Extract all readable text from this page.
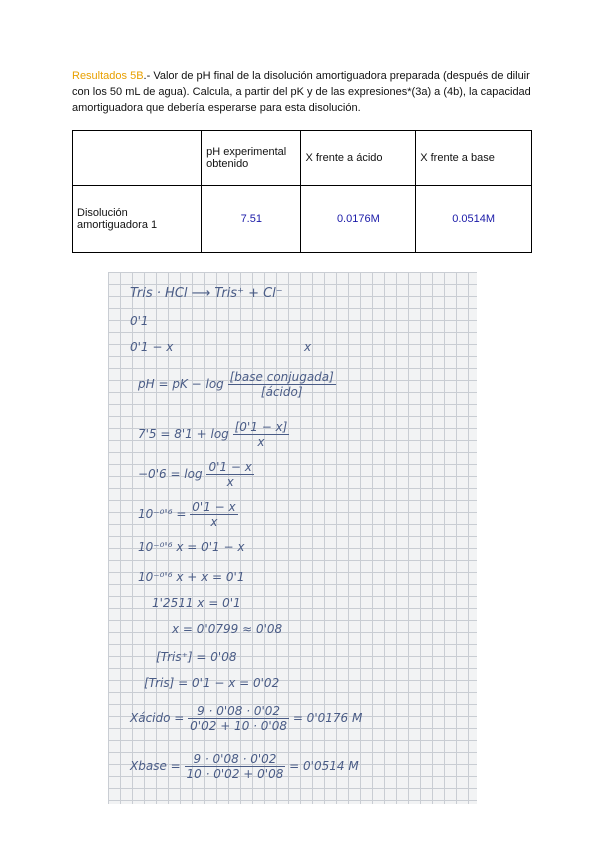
Resultados 5B.- Valor de pH final de la disolución amortiguadora preparada (después de diluir con los 50 mL de agua). Calcula, a partir del pK y de las expresiones*(3a) a (4b), la capacidad amortiguadora que debería esperarse para esta disolución.
	pH experimental obtenido	X frente a ácido	X frente a base
Disolución amortiguadora 1	7.51	0.0176M	0.0514M
Tris · HCl ⟶ Tris⁺ + Cl⁻
0'1
0'1 − x	x
pH = pK − $\log \frac{\text{[base conjugada]}}{\text{[ácido]}}$
$7'5 = 8'1 + \log \frac{[0'1 - x]}{x}$
$-0'6 = \log \frac{0'1 - x}{x}$
$10^{-0}'^6 = \frac{0'1 - x}{x}$
10⁻⁰'⁶ x = 0'1 − x
10⁻⁰'⁶ x + x = 0'1
1'2511 x = 0'1
x = 0'0799 ≈ 0'08
[Tris⁺] = 0'08
[Tris] = 0'1 − x = 0'02
Xácido = $\frac{9 \cdot 0'08 \cdot 0'02}{0'02 + 10 \cdot 0'08} = 0'0176$ M
Xbase = $\frac{9 \cdot 0'08 \cdot 0'02}{10 \cdot 0'02 + 0'08} = 0'0514$ M
